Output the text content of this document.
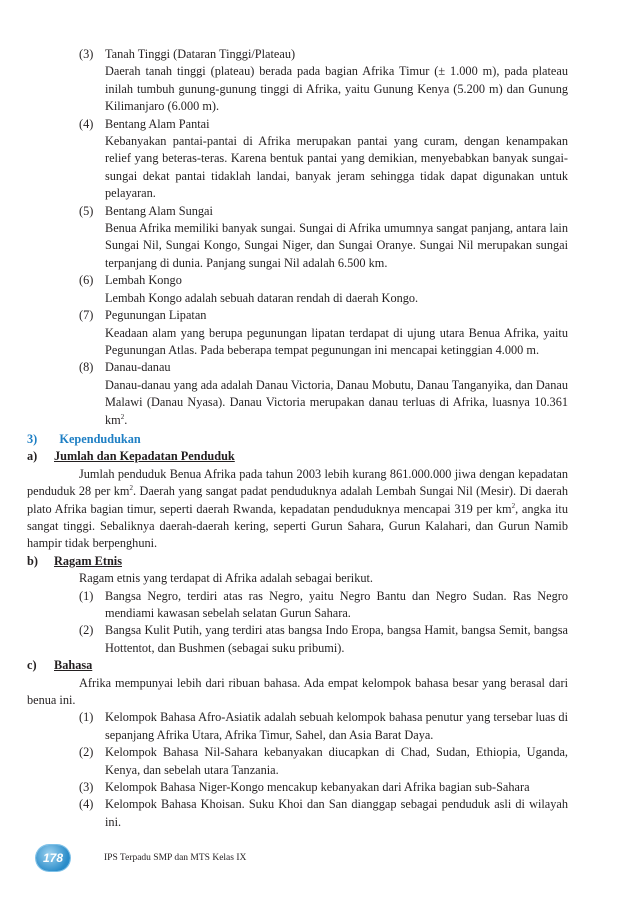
(3) Tanah Tinggi (Dataran Tinggi/Plateau)
Daerah tanah tinggi (plateau) berada pada bagian Afrika Timur (± 1.000 m), pada plateau inilah tumbuh gunung-gunung tinggi di Afrika, yaitu Gunung Kenya (5.200 m) dan Gunung Kilimanjaro (6.000 m).
(4) Bentang Alam Pantai
Kebanyakan pantai-pantai di Afrika merupakan pantai yang curam, dengan kenampakan relief yang beteras-teras. Karena bentuk pantai yang demikian, menyebabkan banyak sungai-sungai dekat pantai tidaklah landai, banyak jeram sehingga tidak dapat digunakan untuk pelayaran.
(5) Bentang Alam Sungai
Benua Afrika memiliki banyak sungai. Sungai di Afrika umumnya sangat panjang, antara lain Sungai Nil, Sungai Kongo, Sungai Niger, dan Sungai Oranye. Sungai Nil merupakan sungai terpanjang di dunia. Panjang sungai Nil adalah 6.500 km.
(6) Lembah Kongo
Lembah Kongo adalah sebuah dataran rendah di daerah Kongo.
(7) Pegunungan Lipatan
Keadaan alam yang berupa pegunungan lipatan terdapat di ujung utara Benua Afrika, yaitu Pegunungan Atlas. Pada beberapa tempat pegunungan ini mencapai ketinggian 4.000 m.
(8) Danau-danau
Danau-danau yang ada adalah Danau Victoria, Danau Mobutu, Danau Tanganyika, dan Danau Malawi (Danau Nyasa). Danau Victoria merupakan danau terluas di Afrika, luasnya 10.361 $km^2$.
3) Kependudukan
a) Jumlah dan Kepadatan Penduduk
Jumlah penduduk Benua Afrika pada tahun 2003 lebih kurang 861.000.000 jiwa dengan kepadatan penduduk 28 per $km^2$. Daerah yang sangat padat penduduknya adalah Lembah Sungai Nil (Mesir). Di daerah plato Afrika bagian timur, seperti daerah Rwanda, kepadatan penduduknya mencapai 319 per $km^2$, angka itu sangat tinggi. Sebaliknya daerah-daerah kering, seperti Gurun Sahara, Gurun Kalahari, dan Gurun Namib hampir tidak berpenghuni.
b) Ragam Etnis
Ragam etnis yang terdapat di Afrika adalah sebagai berikut.
(1) Bangsa Negro, terdiri atas ras Negro, yaitu Negro Bantu dan Negro Sudan. Ras Negro mendiami kawasan sebelah selatan Gurun Sahara.
(2) Bangsa Kulit Putih, yang terdiri atas bangsa Indo Eropa, bangsa Hamit, bangsa Semit, bangsa Hottentot, dan Bushmen (sebagai suku pribumi).
c) Bahasa
Afrika mempunyai lebih dari ribuan bahasa. Ada empat kelompok bahasa besar yang berasal dari benua ini.
(1) Kelompok Bahasa Afro-Asiatik adalah sebuah kelompok bahasa penutur yang tersebar luas di sepanjang Afrika Utara, Afrika Timur, Sahel, dan Asia Barat Daya.
(2) Kelompok Bahasa Nil-Sahara kebanyakan diucapkan di Chad, Sudan, Ethiopia, Uganda, Kenya, dan sebelah utara Tanzania.
(3) Kelompok Bahasa Niger-Kongo mencakup kebanyakan dari Afrika bagian sub-Sahara
(4) Kelompok Bahasa Khoisan. Suku Khoi dan San dianggap sebagai penduduk asli di wilayah ini.
178	IPS Terpadu SMP dan MTS Kelas IX
